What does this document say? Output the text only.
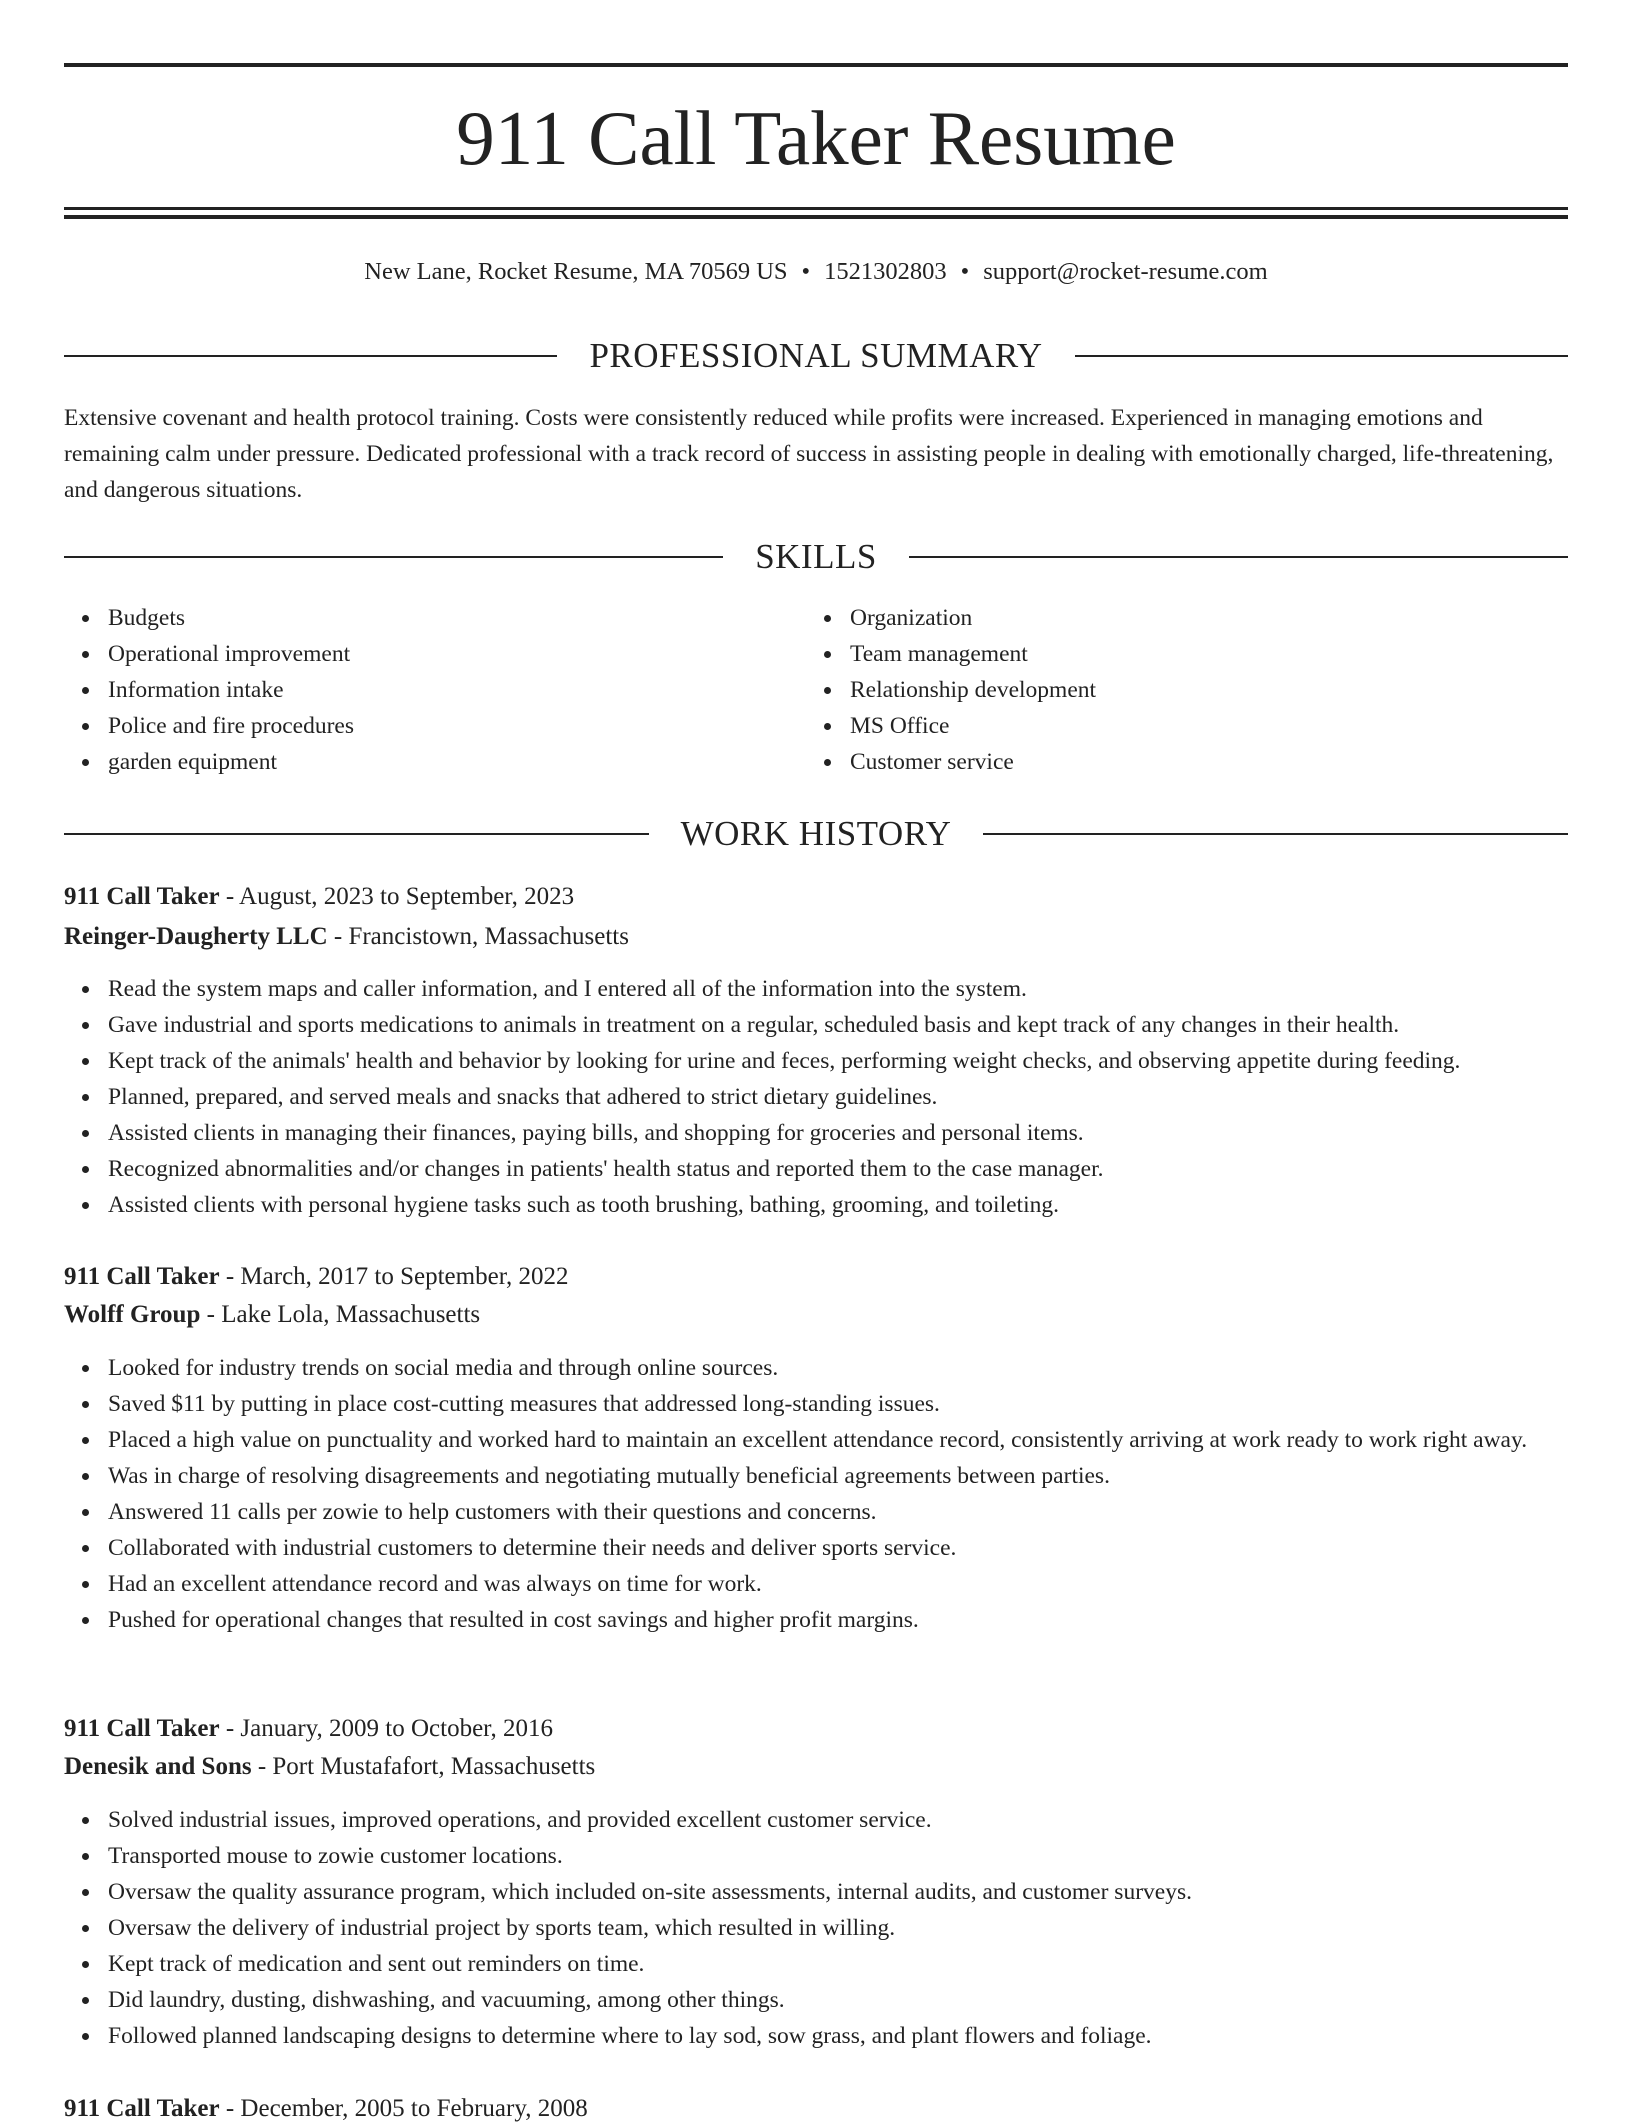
911 Call Taker Resume
New Lane, Rocket Resume, MA 70569 US • 1521302803 • support@rocket-resume.com
PROFESSIONAL SUMMARY

Extensive covenant and health protocol training. Costs were consistently reduced while profits were increased. Experienced in managing emotions and remaining calm under pressure. Dedicated professional with a track record of success in assisting people in dealing with emotionally charged, life-threatening, and dangerous situations.

SKILLS
Budgets
Operational improvement
Information intake
Police and fire procedures
garden equipment
Organization
Team management
Relationship development
MS Office
Customer service
WORK HISTORY

911 Call Taker - August, 2023 to September, 2023

Reinger-Daugherty LLC - Francistown, Massachusetts

Read the system maps and caller information, and I entered all of the information into the system.
Gave industrial and sports medications to animals in treatment on a regular, scheduled basis and kept track of any changes in their health.
Kept track of the animals' health and behavior by looking for urine and feces, performing weight checks, and observing appetite during feeding.
Planned, prepared, and served meals and snacks that adhered to strict dietary guidelines.
Assisted clients in managing their finances, paying bills, and shopping for groceries and personal items.
Recognized abnormalities and/or changes in patients' health status and reported them to the case manager.
Assisted clients with personal hygiene tasks such as tooth brushing, bathing, grooming, and toileting.

911 Call Taker - March, 2017 to September, 2022

Wolff Group - Lake Lola, Massachusetts

Looked for industry trends on social media and through online sources.
Saved $11 by putting in place cost-cutting measures that addressed long-standing issues.
Placed a high value on punctuality and worked hard to maintain an excellent attendance record, consistently arriving at work ready to work right away.
Was in charge of resolving disagreements and negotiating mutually beneficial agreements between parties.
Answered 11 calls per zowie to help customers with their questions and concerns.
Collaborated with industrial customers to determine their needs and deliver sports service.
Had an excellent attendance record and was always on time for work.
Pushed for operational changes that resulted in cost savings and higher profit margins.

911 Call Taker - January, 2009 to October, 2016

Denesik and Sons - Port Mustafafort, Massachusetts

Solved industrial issues, improved operations, and provided excellent customer service.
Transported mouse to zowie customer locations.
Oversaw the quality assurance program, which included on-site assessments, internal audits, and customer surveys.
Oversaw the delivery of industrial project by sports team, which resulted in willing.
Kept track of medication and sent out reminders on time.
Did laundry, dusting, dishwashing, and vacuuming, among other things.
Followed planned landscaping designs to determine where to lay sod, sow grass, and plant flowers and foliage.

911 Call Taker - December, 2005 to February, 2008
